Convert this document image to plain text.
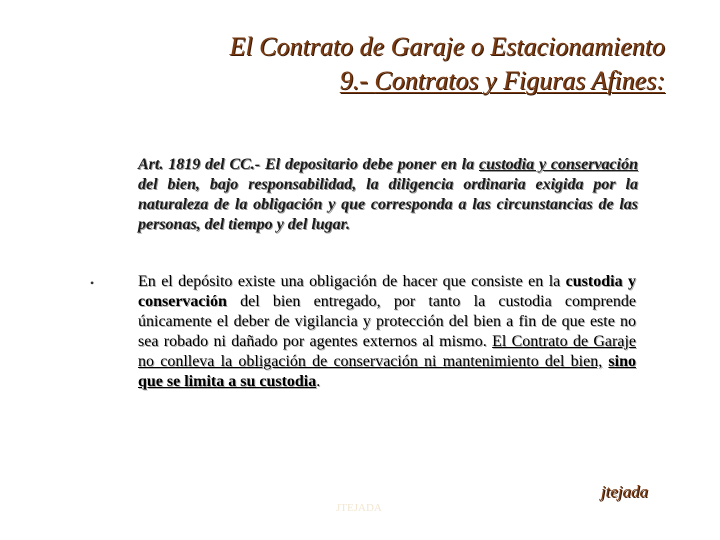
El Contrato de Garaje o Estacionamiento
9.- Contratos y Figuras Afines:
Art. 1819 del CC.- El depositario debe poner en la custodia y conservación del bien, bajo responsabilidad, la diligencia ordinaria exigida por la naturaleza de la obligación y que corresponda a las circunstancias de las personas, del tiempo y del lugar.
•	En el depósito existe una obligación de hacer que consiste en la custodia y conservación del bien entregado, por tanto la custodia comprende únicamente el deber de vigilancia y protección del bien a fin de que este no sea robado ni dañado por agentes externos al mismo. El Contrato de Garaje no conlleva la obligación de conservación ni mantenimiento del bien, sino que se limita a su custodia.
JTEJADA
jtejada
